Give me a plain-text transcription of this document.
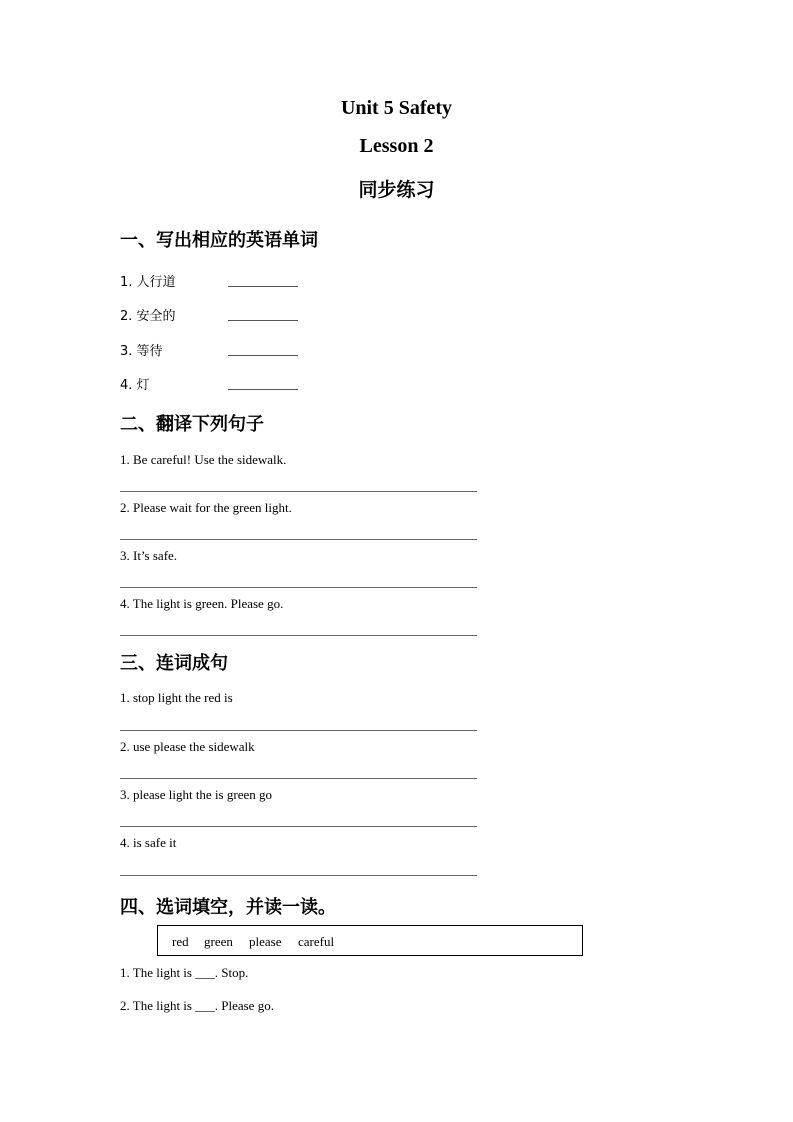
Unit 5 Safety
Lesson 2
同步练习
一、写出相应的英语单词
1. 人行道
2. 安全的
3. 等待
4. 灯
二、翻译下列句子
1. Be careful! Use the sidewalk.
2. Please wait for the green light.
3. It’s safe.
4. The light is green. Please go.
三、连词成句
1. stop light the red is
2. use please the sidewalk
3. please light the is green go
4. is safe it
四、选词填空，并读一读。
red green please careful
1. The light is ___. Stop.
2. The light is ___. Please go.
